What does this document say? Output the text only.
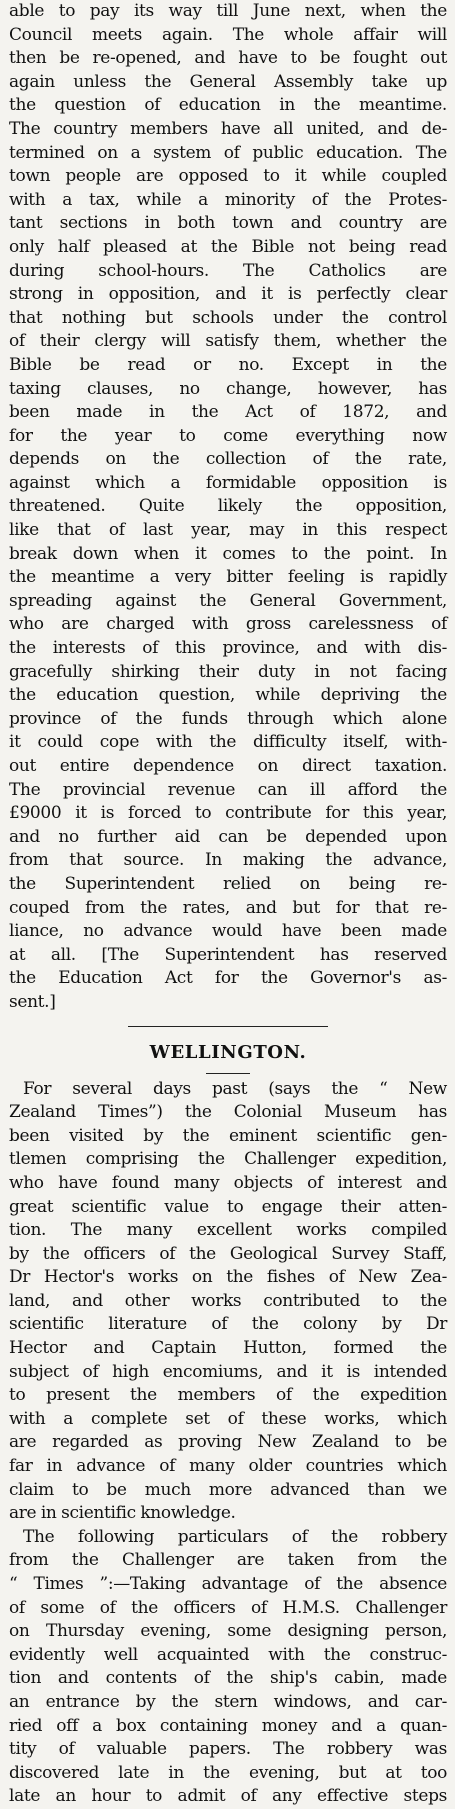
able to pay its way till June next, when the
Council meets again. The whole affair will
then be re-opened, and have to be fought out
again unless the General Assembly take up
the question of education in the meantime.
The country members have all united, and de-
termined on a system of public education. The
town people are opposed to it while coupled
with a tax, while a minority of the Protes-
tant sections in both town and country are
only half pleased at the Bible not being read
during school-hours. The Catholics are
strong in opposition, and it is perfectly clear
that nothing but schools under the control
of their clergy will satisfy them, whether the
Bible be read or no. Except in the
taxing clauses, no change, however, has
been made in the Act of 1872, and
for the year to come everything now
depends on the collection of the rate,
against which a formidable opposition is
threatened. Quite likely the opposition,
like that of last year, may in this respect
break down when it comes to the point. In
the meantime a very bitter feeling is rapidly
spreading against the General Government,
who are charged with gross carelessness of
the interests of this province, and with dis-
gracefully shirking their duty in not facing
the education question, while depriving the
province of the funds through which alone
it could cope with the difficulty itself, with-
out entire dependence on direct taxation.
The provincial revenue can ill afford the
£9000 it is forced to contribute for this year,
and no further aid can be depended upon
from that source. In making the advance,
the Superintendent relied on being re-
couped from the rates, and but for that re-
liance, no advance would have been made
at all. [The Superintendent has reserved
the Education Act for the Governor's as-
sent.]

WELLINGTON.

For several days past (says the “ New
Zealand Times”) the Colonial Museum has
been visited by the eminent scientific gen-
tlemen comprising the Challenger expedition,
who have found many objects of interest and
great scientific value to engage their atten-
tion. The many excellent works compiled
by the officers of the Geological Survey Staff,
Dr Hector's works on the fishes of New Zea-
land, and other works contributed to the
scientific literature of the colony by Dr
Hector and Captain Hutton, formed the
subject of high encomiums, and it is intended
to present the members of the expedition
with a complete set of these works, which
are regarded as proving New Zealand to be
far in advance of many older countries which
claim to be much more advanced than we
are in scientific knowledge.

The following particulars of the robbery
from the Challenger are taken from the
“ Times ”:—Taking advantage of the absence
of some of the officers of H.M.S. Challenger
on Thursday evening, some designing person,
evidently well acquainted with the construc-
tion and contents of the ship's cabin, made
an entrance by the stern windows, and car-
ried off a box containing money and a quan-
tity of valuable papers. The robbery was
discovered late in the evening, but at too
late an hour to admit of any effective steps
